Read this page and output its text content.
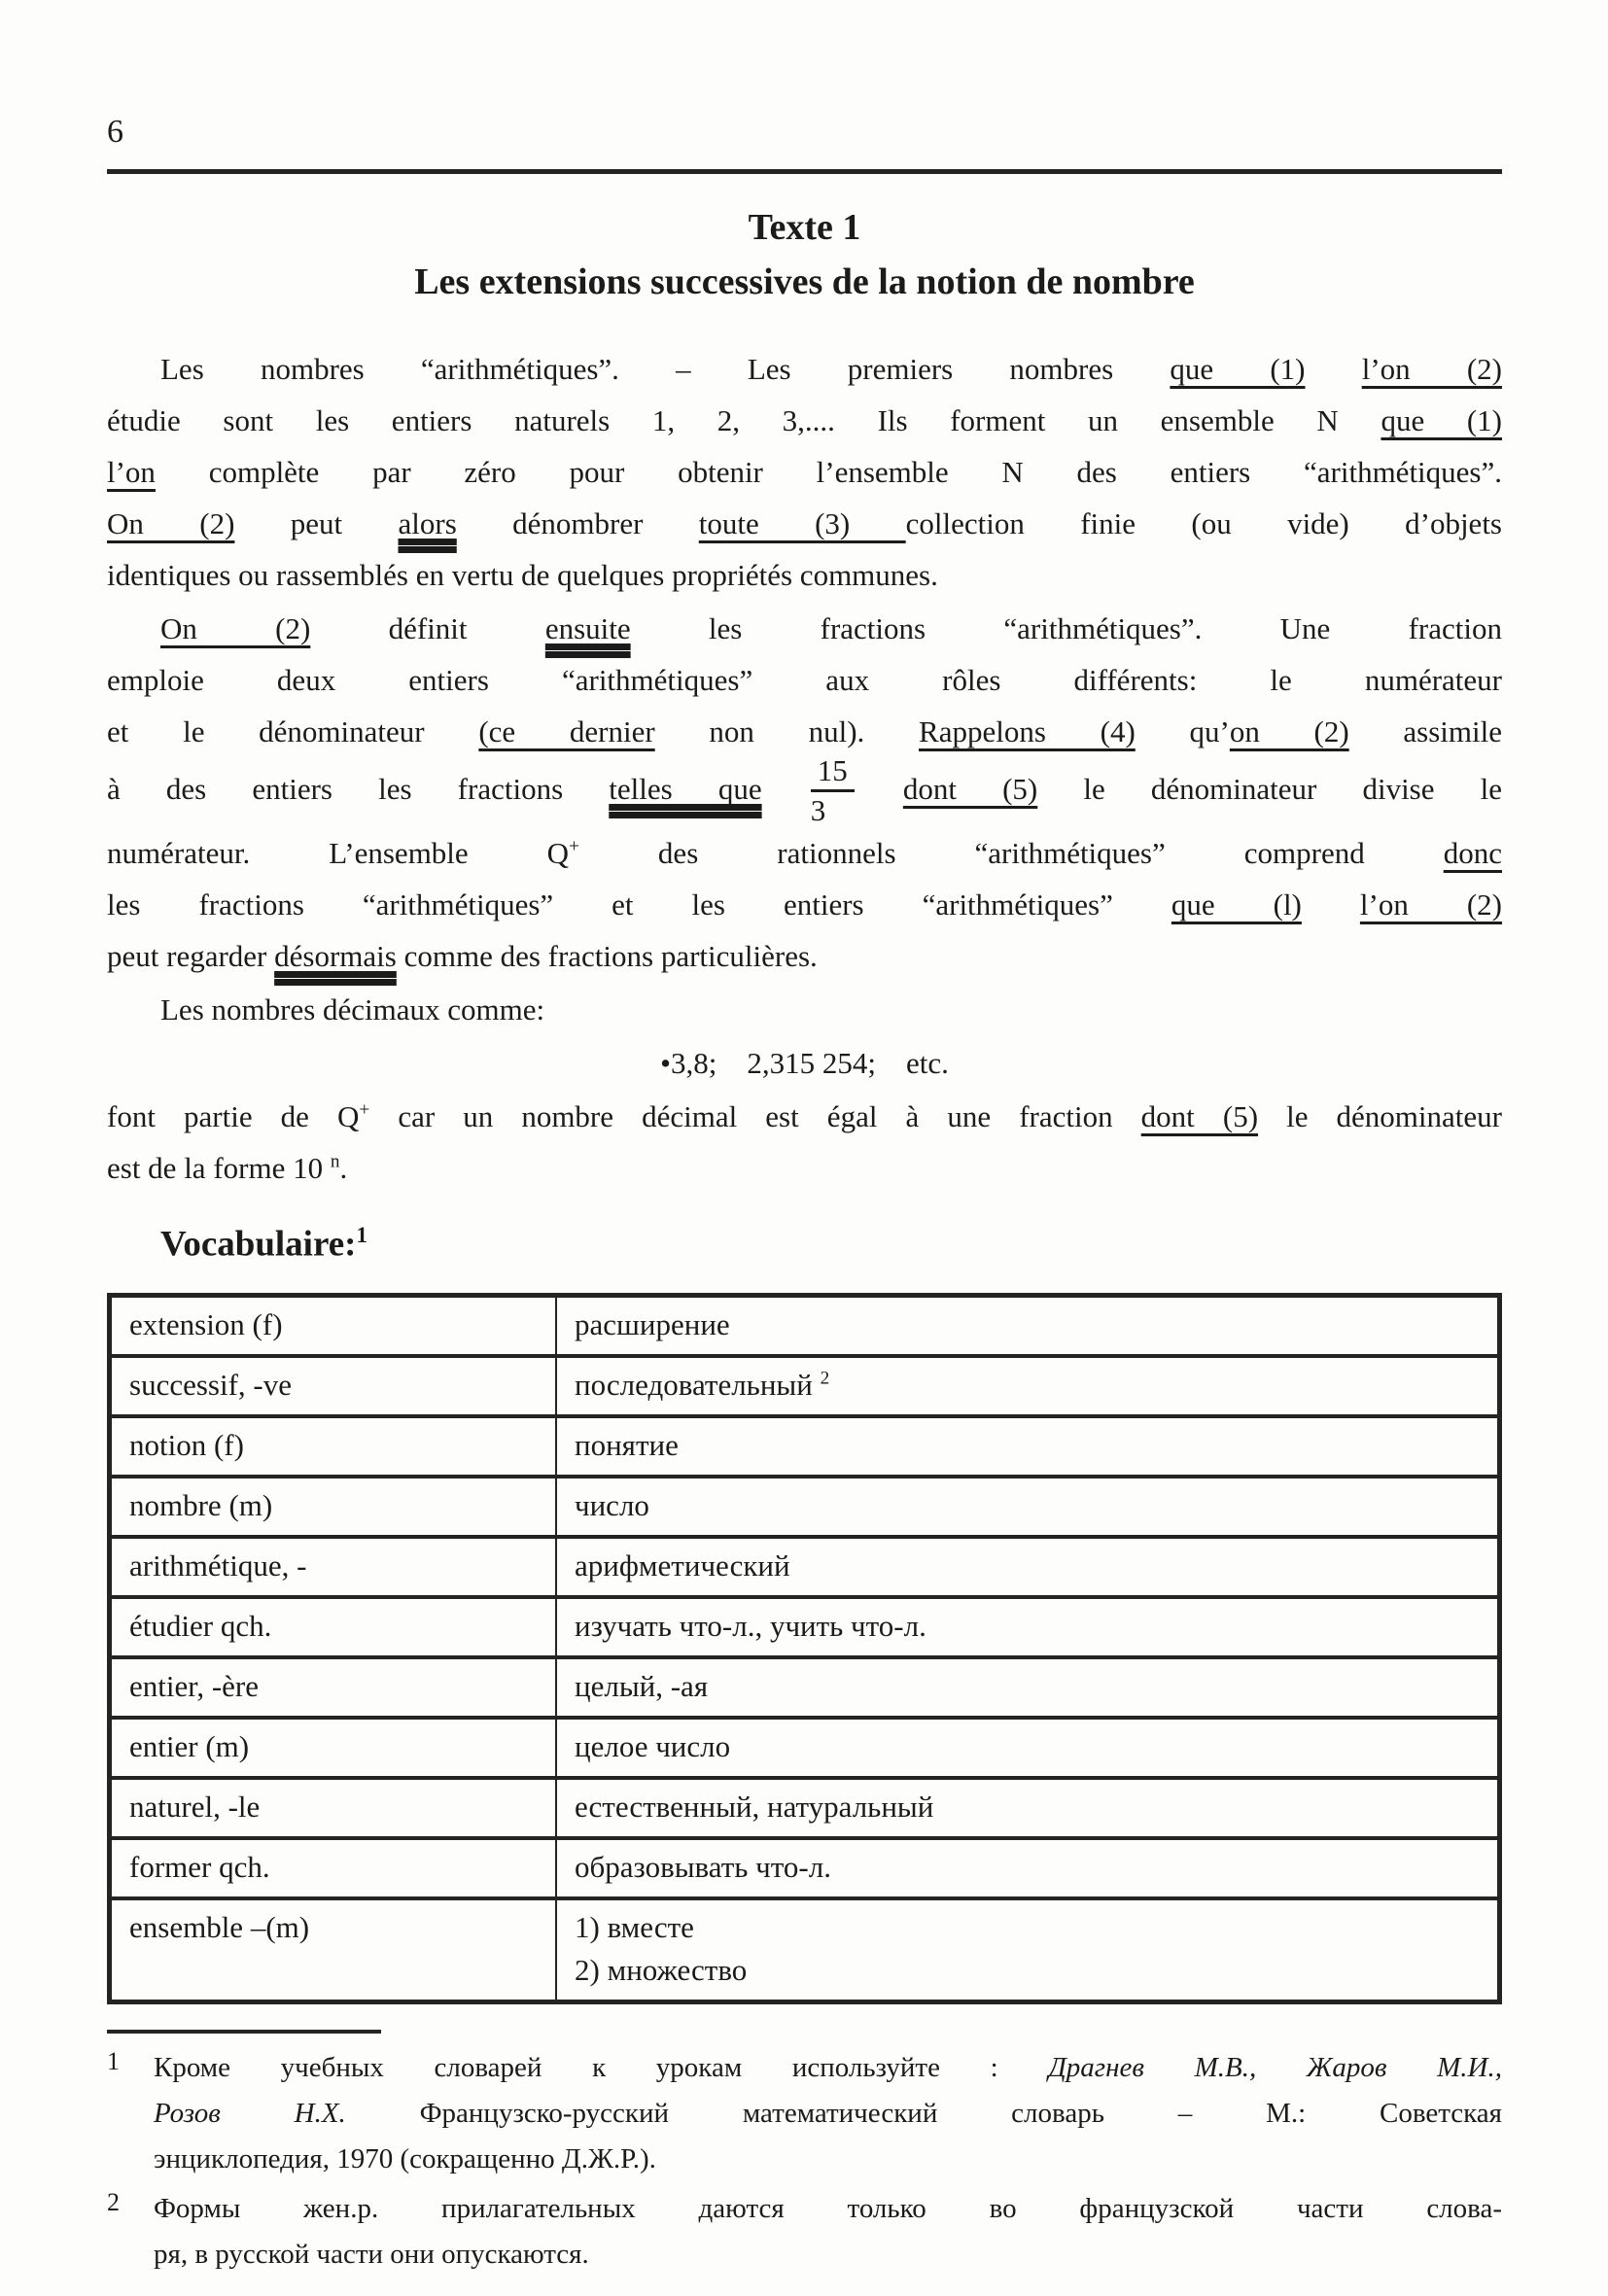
6
Texte 1
Les extensions successives de la notion de nombre
Les nombres “arithmétiques”. – Les premiers nombres que (1) l’on (2)
étudie sont les entiers naturels 1, 2, 3,.... Ils forment un ensemble N que (1)
l’on complète par zéro pour obtenir l’ensemble N des entiers “arithmétiques”.
On (2) peut alors dénombrer toute (3) collection finie (ou vide) d’objets
identiques ou rassemblés en vertu de quelques propriétés communes.
On (2) définit ensuite les fractions “arithmétiques”. Une fraction
emploie deux entiers “arithmétiques” aux rôles différents: le numérateur
et le dénominateur (ce dernier non nul). Rappelons (4) qu’on (2) assimile
à des entiers les fractions telles que $\frac{15}{3}$ dont (5) le dénominateur divise le
numérateur. L’ensemble Q+ des rationnels “arithmétiques” comprend donc
les fractions “arithmétiques” et les entiers “arithmétiques” que (l) l’on (2)
peut regarder désormais comme des fractions particulières.
Les nombres décimaux comme:
•3,8;    2,315 254;    etc.
font partie de Q+ car un nombre décimal est égal à une fraction dont (5) le dénominateur
est de la forme 10 $^n$.
Vocabulaire:$^1$
extension (f)	расширение

successif, -ve	последовательный $^2$

notion (f)	понятие

nombre (m)	число

arithmétique, -	арифметический

étudier qch.	изучать что-л., учить что-л.

entier, -ère	целый, -ая

entier (m)	целое число

naturel, -le	естественный, натуральный

former qch.	образовывать что-л.

ensemble –(m)	1) вместе
2) множество
1	Кроме учебных словарей к урокам используйте : Драгнев М.В., Жаров М.И.,
Розов Н.Х. Французско-русский математический словарь – М.: Советская
энциклопедия, 1970 (сокращенно Д.Ж.Р.).
2	Формы жен.р. прилагательных даются только во французской части слова-
ря, в русской части они опускаются.
